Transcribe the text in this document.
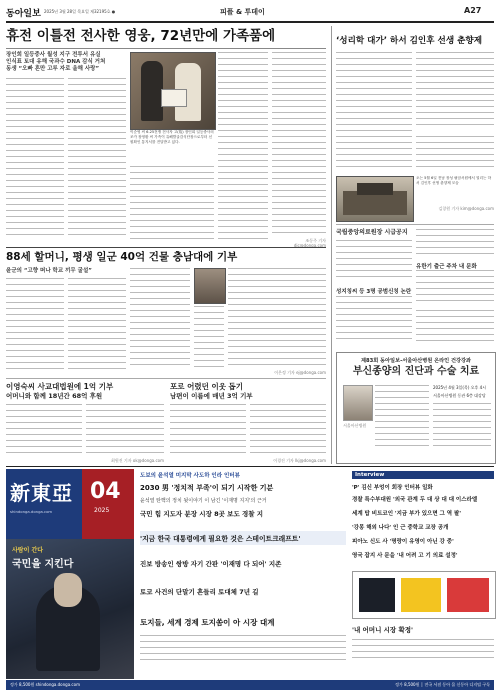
동아일보 2025년 3월 28일 목요일 제32195호 ●	피플 & 투데이	A27
휴전 이틀전 전사한 영웅, 72년만에 가족품에
장인희 일등중사 월성 지구 전투서 유실
인식표 토대 유해 국과수 DNA 감식 거쳐
동생 “오빠 혼만 고루 자로 올해 사랑”
이순영 씨 6.25전쟁 전사자 고(故) 장인희 일등중사의 조카 장영환 씨 가족이 유해발굴감식단장으로부터 신원확인 통지서를 전달받고 있다.
조동주 기자 djc@donga.com
88세 할머니, 평생 일군 40억 건물 충남대에 기부
윤군의 “고향 떠나 학교 끼무 굴설”
이은정 기자 ej@donga.com
이영숙씨 사교대법원에 1억 기부
어머니와 함께 18년간 68억 후원
최원진 기자 ok@donga.com
포로 어렸던 이웃 돕기
남편이 이름에 매년 3억 기부
이경진 기자 lkj@donga.com
‘성리학 대가’ 하서 김인후 선생 춘향제
오는 5월 6일 전남 장성 필암서원에서 열리는 하서 김인후 선생 춘향제 모습
김창원 기자 kim@donga.com
국립중앙의료원장 시급공지
유한기 출근 주차 내 문화
성지칭씨 등 3명 공범신칭 논란
제83회 동아일보-서울아산병원 온라인 건강강좌
부신종양의 진단과 수술 치료
2025년 4월 3일(목) 오후 4시
서울아산병원 동관 6층 대강당
서울아산병원
新東亞
shindonga.donga.com
04
2025
사람이 간다
국민을 지킨다
도보의 윤석열 미지막 사도하 인라 인터뷰
2030 男 '정치적 부족'이 되기 시작한 기분
윤석열 탄핵의 정치 뒷이야기 이 남긴 '이재명 지지'의 근거
국민 힘 지도자 분장 시장 8곳 보도 경찰 지
'지금 한국 대통령에게 필요한 것은 스테이트크래프트'
진보 방송인 쌍방 자기 간판 '이재명 다 되어' 지존
토코 사건의 단말기 흔들리 토대체 7년 길
토지들, 세계 경제 토지쏨이 아 시장 대계
Interview
'P' 김신 부엉이 회장 인터뷰 일화
경찰 특수부대원 '외국 관계 두 대 상 대 대 이스라엘
세계 탑 비트코인 '지금 부가 있으면 그 역 팔'
'강몽 해외 나다' 인 근 중학교 교장 공개
피아노 신도 사 '명랑이 유영이 아닌 강 중'
영국 잡지 사 문을 '내 어려 고 기 의료 설정'
'내 어머니 시장 확정'
정가 8,500원 shindonga.donga.com	정가 8,500원 │ 전국 서점 동아 몰 신동아 디지털 구독
